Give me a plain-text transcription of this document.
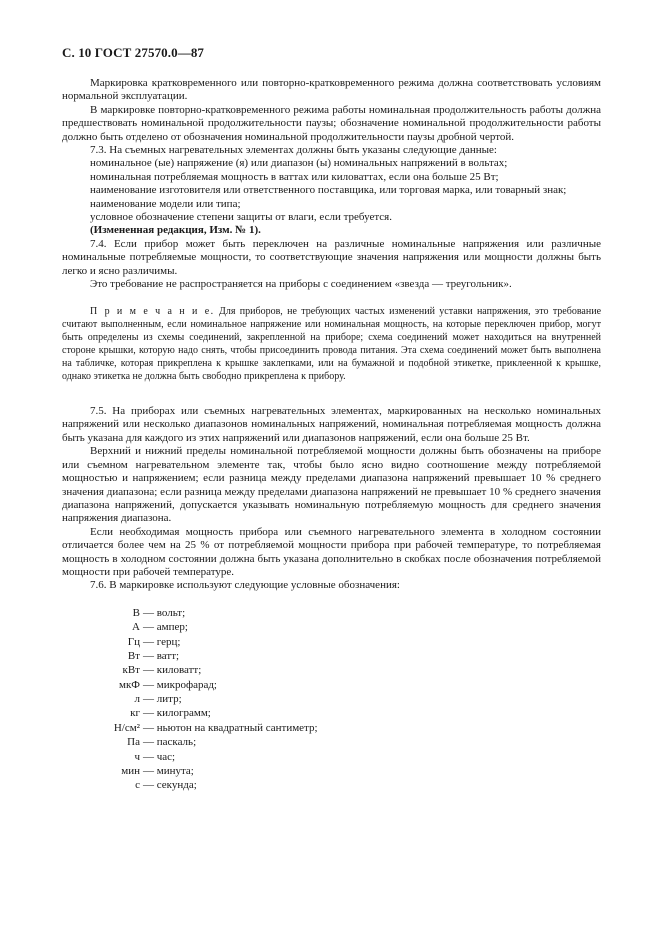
С. 10 ГОСТ 27570.0—87

Маркировка кратковременного или повторно-кратковременного режима должна соответствовать условиям нормальной эксплуатации.

В маркировке повторно-кратковременного режима работы номинальная продолжительность работы должна предшествовать номинальной продолжительности паузы; обозначение номинальной продолжительности работы должно быть отделено от обозначения номинальной продолжительности паузы дробной чертой.

7.3. На съемных нагревательных элементах должны быть указаны следующие данные:

номинальное (ые) напряжение (я) или диапазон (ы) номинальных напряжений в вольтах;

номинальная потребляемая мощность в ваттах или киловаттах, если она больше 25 Вт;

наименование изготовителя или ответственного поставщика, или торговая марка, или товарный знак;

наименование модели или типа;

условное обозначение степени защиты от влаги, если требуется.

(Измененная редакция, Изм. № 1).

7.4. Если прибор может быть переключен на различные номинальные напряжения или различные номинальные потребляемые мощности, то соответствующие значения напряжения или мощности должны быть легко и ясно различимы.

Это требование не распространяется на приборы с соединением «звезда — треугольник».

П р и м е ч а н и е. Для приборов, не требующих частых изменений уставки напряжения, это требование считают выполненным, если номинальное напряжение или номинальная мощность, на которые переключен прибор, могут быть определены из схемы соединений, закрепленной на приборе; схема соединений может находиться на внутренней стороне крышки, которую надо снять, чтобы присоединить провода питания. Эта схема соединений может быть выполнена на табличке, которая прикреплена к крышке заклепками, или на бумажной и подобной этикетке, приклеенной к крышке, однако этикетка не должна быть свободно прикреплена к прибору.

7.5. На приборах или съемных нагревательных элементах, маркированных на несколько номинальных напряжений или несколько диапазонов номинальных напряжений, номинальная потребляемая мощность должна быть указана для каждого из этих напряжений или диапазонов напряжений, если она больше 25 Вт.

Верхний и нижний пределы номинальной потребляемой мощности должны быть обозначены на приборе или съемном нагревательном элементе так, чтобы было ясно видно соотношение между потребляемой мощностью и напряжением; если разница между пределами диапазона напряжений превышает 10 % среднего значения диапазона; если разница между пределами диапазона напряжений не превышает 10 % среднего значения диапазона напряжений, допускается указывать номинальную потребляемую мощность для среднего значения напряжения диапазона.

Если необходимая мощность прибора или съемного нагревательного элемента в холодном состоянии отличается более чем на 25 % от потребляемой мощности прибора при рабочей температуре, то потребляемая мощность в холодном состоянии должна быть указана дополнительно в скобках после обозначения потребляемой мощности при рабочей температуре.

7.6. В маркировке используют следующие условные обозначения:

В — вольт;
А — ампер;
Гц — герц;
Вт — ватт;
кВт — киловатт;
мкФ — микрофарад;
л — литр;
кг — килограмм;
Н/см² — ньютон на квадратный сантиметр;
Па — паскаль;
ч — час;
мин — минута;
с — секунда;
